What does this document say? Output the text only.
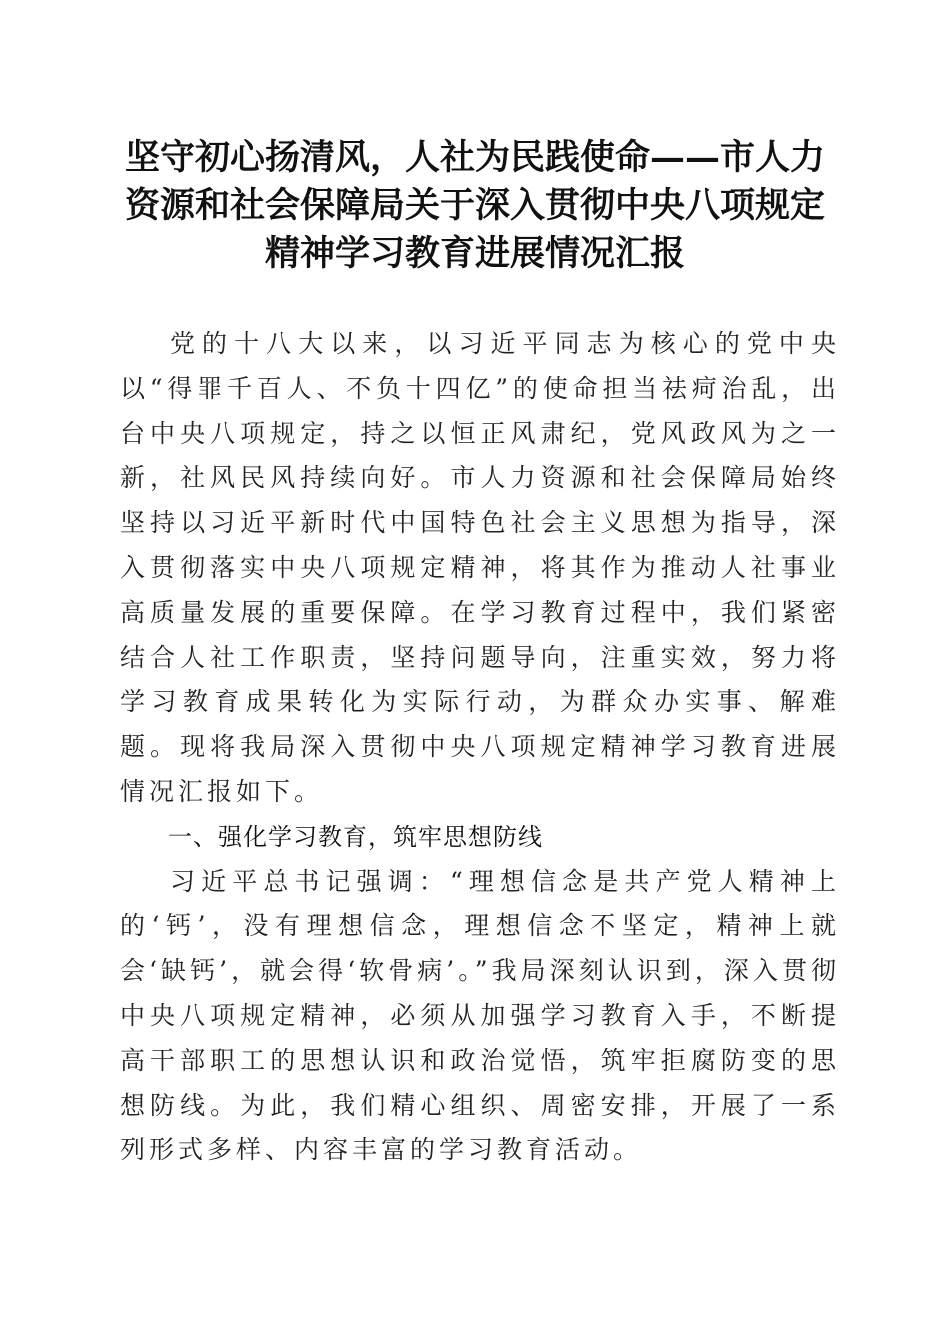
坚守初心扬清风，人社为民践使命——市人力
资源和社会保障局关于深入贯彻中央八项规定
精神学习教育进展情况汇报

党的十八大以来，以习近平同志为核心的党中央以“得罪千百人、不负十四亿”的使命担当祛疴治乱，出台中央八项规定，持之以恒正风肃纪，党风政风为之一新，社风民风持续向好。市人力资源和社会保障局始终坚持以习近平新时代中国特色社会主义思想为指导，深入贯彻落实中央八项规定精神，将其作为推动人社事业高质量发展的重要保障。在学习教育过程中，我们紧密结合人社工作职责，坚持问题导向，注重实效，努力将学习教育成果转化为实际行动，为群众办实事、解难题。现将我局深入贯彻中央八项规定精神学习教育进展情况汇报如下。

一、强化学习教育，筑牢思想防线

习近平总书记强调：“理想信念是共产党人精神上的‘钙’，没有理想信念，理想信念不坚定，精神上就会‘缺钙’，就会得‘软骨病’。”我局深刻认识到，深入贯彻中央八项规定精神，必须从加强学习教育入手，不断提高干部职工的思想认识和政治觉悟，筑牢拒腐防变的思想防线。为此，我们精心组织、周密安排，开展了一系列形式多样、内容丰富的学习教育活动。
